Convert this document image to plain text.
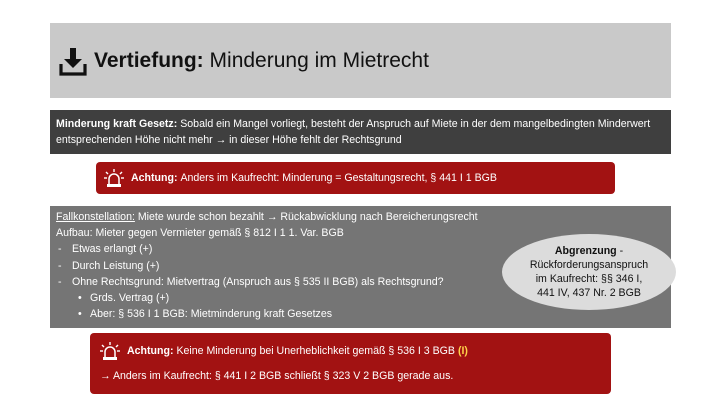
Vertiefung: Minderung im Mietrecht
Minderung kraft Gesetz: Sobald ein Mangel vorliegt, besteht der Anspruch auf Miete in der dem mangelbedingten Minderwert entsprechenden Höhe nicht mehr → in dieser Höhe fehlt der Rechtsgrund
Achtung:
Anders im Kaufrecht: Minderung = Gestaltungsrecht, § 441 I 1 BGB
Fallkonstellation: Miete wurde schon bezahlt → Rückabwicklung nach Bereicherungsrecht
Aufbau: Mieter gegen Vermieter gemäß § 812 I 1 1. Var. BGB
- Etwas erlangt (+)
- Durch Leistung (+)
- Ohne Rechtsgrund: Mietvertrag (Anspruch aus § 535 II BGB) als Rechtsgrund?
• Grds. Vertrag (+)
• Aber: § 536 I 1 BGB: Mietminderung kraft Gesetzes
Abgrenzung -
Rückforderungsanspruch
im Kaufrecht: §§ 346 I,
441 IV, 437 Nr. 2 BGB
Achtung:
Keine Minderung bei Unerheblichkeit gemäß § 536 I 3 BGB
(I)
→ Anders im Kaufrecht: § 441 I 2 BGB schließt § 323 V 2 BGB gerade aus.
